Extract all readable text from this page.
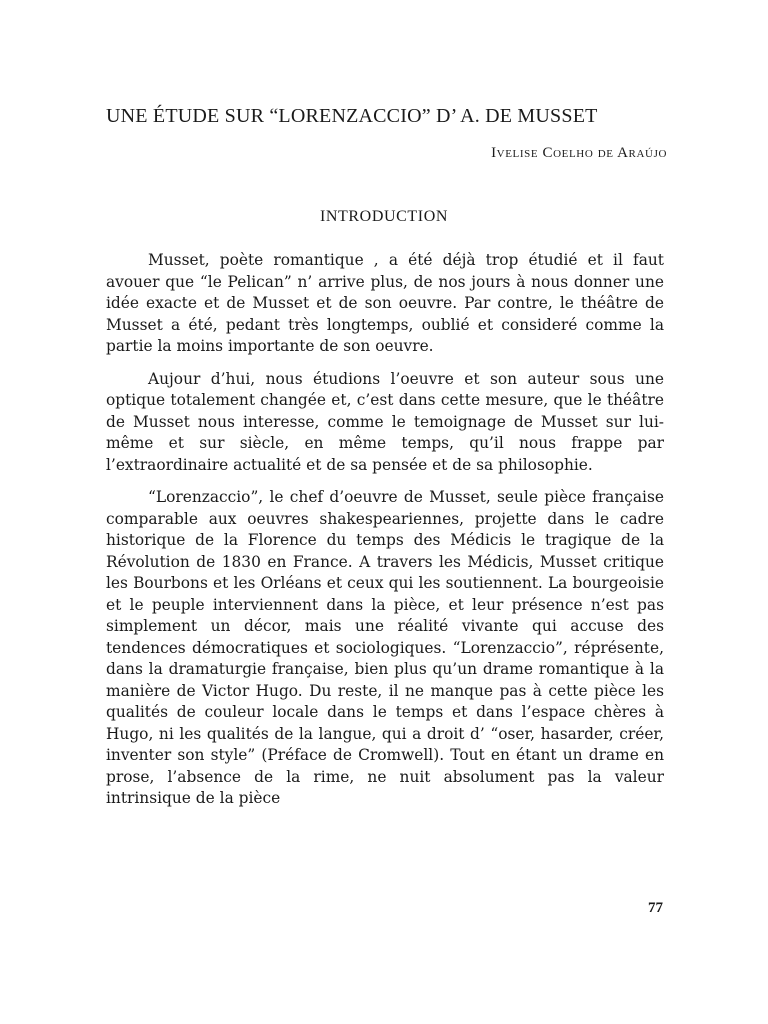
UNE ÉTUDE SUR “LORENZACCIO” D’ A. DE MUSSET
Ivelise Coelho de Araújo
INTRODUCTION

Musset, poète romantique , a été déjà trop étudié et il faut avouer que “le Pelican” n’ arrive plus, de nos jours à nous donner une idée exacte et de Musset et de son oeuvre. Par contre, le théâtre de Musset a été, pedant très longtemps, oublié et consideré comme la partie la moins importante de son oeuvre.

Aujour d’hui, nous étudions l’oeuvre et son auteur sous une optique totalement changée et, c’est dans cette mesure, que le théâtre de Musset nous interesse, comme le temoignage de Musset sur lui-même et sur siècle, en même temps, qu’il nous frappe par l’extraordinaire actualité et de sa pensée et de sa philosophie.

“Lorenzaccio”, le chef d’oeuvre de Musset, seule pièce française comparable aux oeuvres shakespeariennes, projette dans le cadre historique de la Florence du temps des Médicis le tragique de la Révolution de 1830 en France. A travers les Médicis, Musset critique les Bourbons et les Orléans et ceux qui les soutiennent. La bourgeoisie et le peuple interviennent dans la pièce, et leur présence n’est pas simplement un décor, mais une réalité vivante qui accuse des tendences démocratiques et sociologiques. “Lorenzaccio”, réprésente, dans la dramaturgie française, bien plus qu’un drame romantique à la manière de Victor Hugo. Du reste, il ne manque pas à cette pièce les qualités de couleur locale dans le temps et dans l’espace chères à Hugo, ni les qualités de la langue, qui a droit d’ “oser, hasarder, créer, inventer son style” (Préface de Cromwell). Tout en étant un drame en prose, l’absence de la rime, ne nuit absolument pas la valeur intrinsique de la pièce

77
